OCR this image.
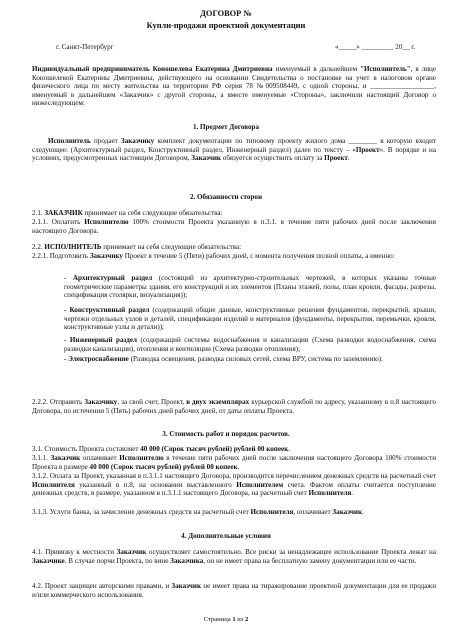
ДОГОВОР №
Купли-продажи проектной документации
г. Санкт-Петербург	«_____» _________ 20__ г.
Индивидуальный предприниматель Коношелева Екатерина Дмитриевна именуемый в дальнейшем "Исполнитель", в лице Коношелевой Екатерины Дмитриевны, действующего на основании Свидетельства о постановке на учет в налоговом органе физического лица по месту жительства на территории РФ серия 78 №009508449, с одной стороны, и __________________, именуемый в дальнейшем «Заказчик» с другой стороны, а вместе именуемые «Стороны», заключили настоящий Договор о нижеследующем:
1. Предмет Договора
Исполнитель продает Заказчику комплект документации по типовому проекту жилого дома ________ в которую входит следующее: (Архитектурный раздел, Конструктивный раздел, Инженерный раздел) далее по тексту – «Проект». В порядке и на условиях, предусмотренных настоящим Договором, Заказчик обязуется осуществить оплату за Проект.
2. Обязанности сторон
2.1. ЗАКАЗЧИК принимает на себя следующие обязательства:
2.1.1. Оплатить Исполнителю 100% стоимости Проекта указанную в п.3.1. в течение пяти рабочих дней после заключения настоящего Договора.
2.2. ИСПОЛНИТЕЛЬ принимает на себя следующие обязательства:
2.2.1. Подготовить Заказчику Проект в течение 5 (Пяти) рабочих дней, с момента получения полной оплаты, а именно:
- Архитектурный раздел (состоящий из архитектурно-строительных чертежей, в которых указаны точные геометрические параметры здания, его конструкций и их элементов (Планы этажей, полы, план кровли, фасады, разрезы, спецификация столярки, визуализация));
- Конструктивный раздел (содержащий общие данные, конструктивные решения фундаментов, перекрытий, крыши, чертежи отдельных узлов и деталей, спецификации изделий и материалов (фундаменты, перекрытия, перемычки, кровля, конструктивные узлы и детали));
- Инженерный раздел (содержащий системы водоснабжения и канализации (Схема разводки водоснабжения, схема разводки канализации), отопления и вентиляции (Схема разводки отопления);
- Электроснабжение (Разводка освещения, разводка силовых сетей, схема ВРУ, система по заземлению).
2.2.2. Отправить Заказчику, за свой счет, Проект, в двух экземплярах курьерской службой по адресу, указанному в п.8 настоящего Договора, по истечении 5 (Пять) рабочих дней рабочих дней, от даты оплаты Проекта.
3. Стоимость работ и порядок расчетов.
3.1. Стоимость Проекта составляет 40 000 (Сорок тысяч рублей) рублей 00 копеек.
3.1.1. Заказчик оплачивает Исполнителю в течение пяти рабочих дней после заключения настоящего Договора 100% стоимости Проекта в размере 40 000 (Сорок тысяч рублей) рублей 00 копеек.
3.1.2. Оплата за Проект, указанная в п.3.1.1 настоящего Договора, производится перечислением денежных средств на расчетный счет Исполнителя указанный в п.8, на основании выставленного Исполнителем счета. Фактом оплаты считается поступление денежных средств, в размере, указанном в п.3.1.1 настоящего Договора, на расчетный счет Исполнителя.
3.1.3. Услуги банка, за зачисление денежных средств на расчетный счет Исполнителя, оплачивает Заказчик.
4. Дополнительные условия
4.1. Привязку к местности Заказчик осуществляет самостоятельно. Все риски за ненадлежащее использование Проекта лежат на Заказчике. В случае порчи Проекта, по вине Заказчика, он не имеет права на бесплатную замену документации или ее части.
4.2. Проект защищен авторскими правами, и Заказчик не имеет права на тиражирование проектной документации для ее продажи и/или коммерческого использования.
Страница 1 из 2
